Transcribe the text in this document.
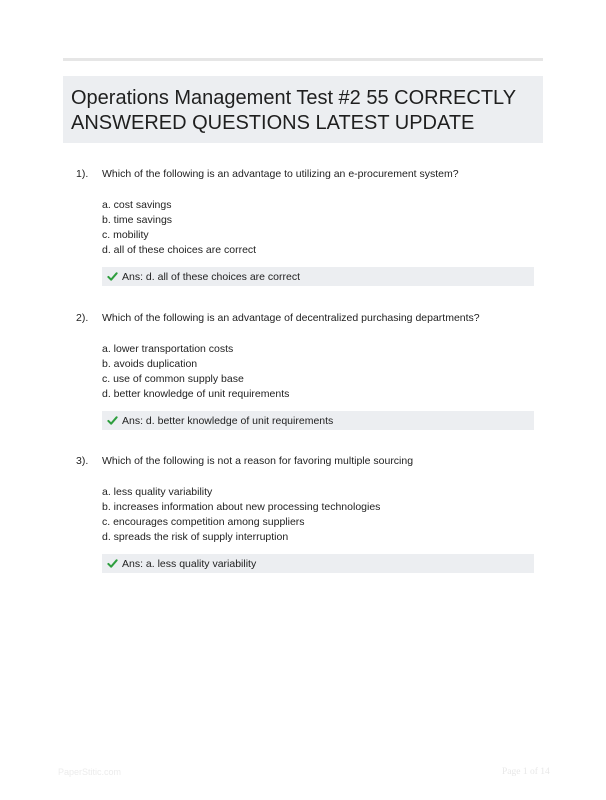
Operations Management Test #2 55 CORRECTLY ANSWERED QUESTIONS LATEST UPDATE
1). Which of the following is an advantage to utilizing an e-procurement system?
a. cost savings
b. time savings
c. mobility
d. all of these choices are correct
Ans: d. all of these choices are correct
2). Which of the following is an advantage of decentralized purchasing departments?
a. lower transportation costs
b. avoids duplication
c. use of common supply base
d. better knowledge of unit requirements
Ans: d. better knowledge of unit requirements
3). Which of the following is not a reason for favoring multiple sourcing
a. less quality variability
b. increases information about new processing technologies
c. encourages competition among suppliers
d. spreads the risk of supply interruption
Ans: a. less quality variability
PaperStitic.com	Page 1 of 14
